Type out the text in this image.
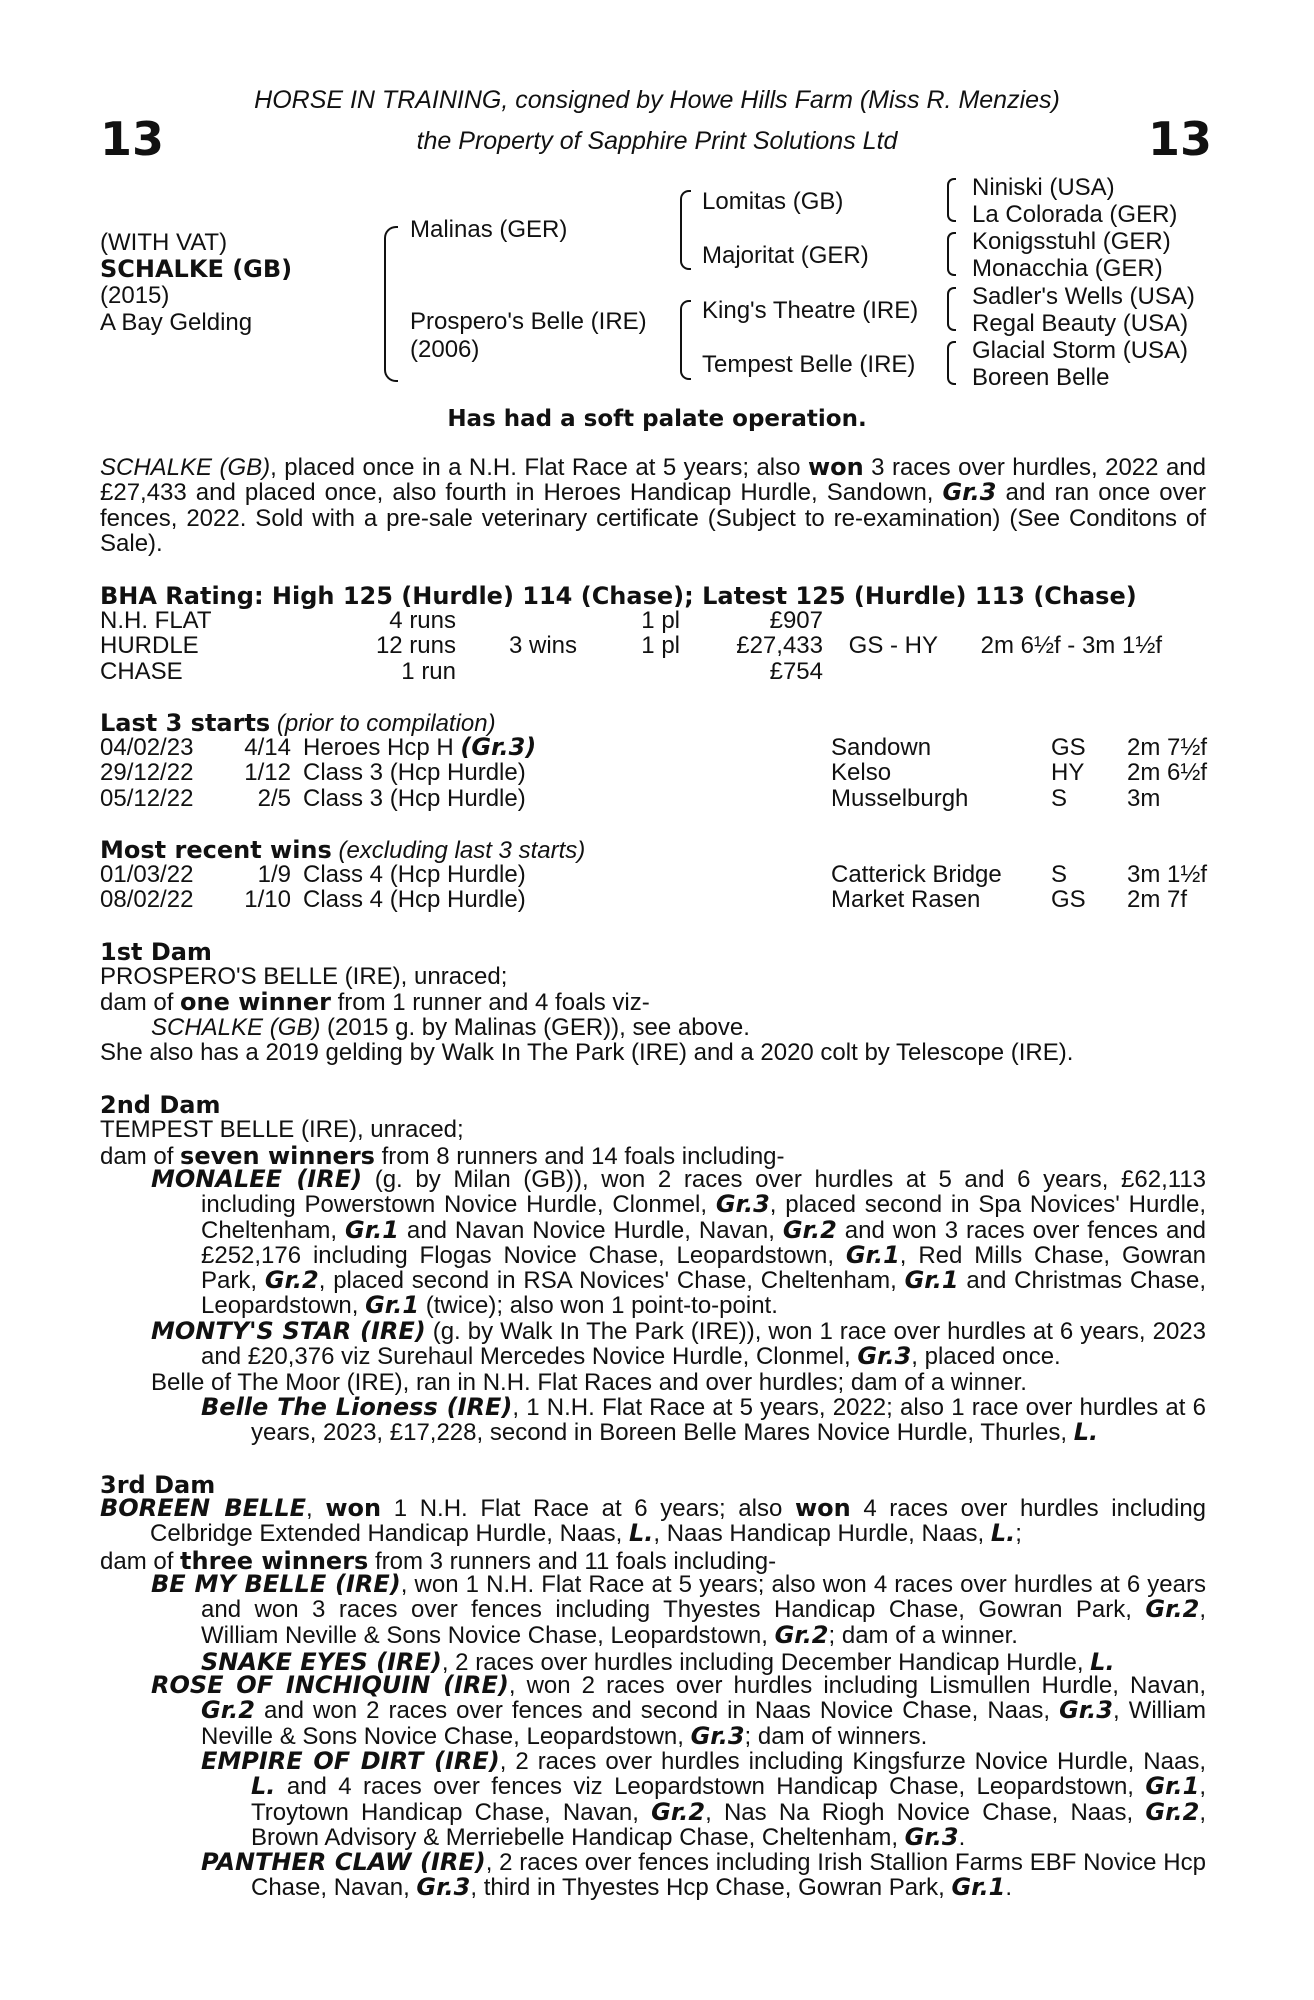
13	13
HORSE IN TRAINING, consigned by Howe Hills Farm (Miss R. Menzies)
the Property of Sapphire Print Solutions Ltd
(WITH VAT)
SCHALKE (GB)
(2015)
A Bay Gelding
Malinas (GER)
Prospero's Belle (IRE)
(2006)
Lomitas (GB)
Majoritat (GER)
King's Theatre (IRE)
Tempest Belle (IRE)
Niniski (USA)
La Colorada (GER)
Konigsstuhl (GER)
Monacchia (GER)
Sadler's Wells (USA)
Regal Beauty (USA)
Glacial Storm (USA)
Boreen Belle
Has had a soft palate operation.
SCHALKE (GB), placed once in a N.H. Flat Race at 5 years; also won 3 races over hurdles, 2022 and £27,433 and placed once, also fourth in Heroes Handicap Hurdle, Sandown, Gr.3 and ran once over fences, 2022. Sold with a pre-sale veterinary certificate (Subject to re-examination) (See Conditons of Sale).
BHA Rating: High 125 (Hurdle) 114 (Chase); Latest 125 (Hurdle) 113 (Chase)
N.H. FLAT	4 runs		1 pl	£907		
HURDLE	12 runs	3 wins	1 pl	£27,433	GS - HY	2m 6½f - 3m 1½f
CHASE	1 run			£754		
Last 3 starts (prior to compilation)
04/02/23	4/14	Heroes Hcp H (Gr.3)	Sandown	GS	2m 7½f
29/12/22	1/12	Class 3 (Hcp Hurdle)	Kelso	HY	2m 6½f
05/12/22	2/5	Class 3 (Hcp Hurdle)	Musselburgh	S	3m
Most recent wins (excluding last 3 starts)
01/03/22	1/9	Class 4 (Hcp Hurdle)	Catterick Bridge	S	3m 1½f
08/02/22	1/10	Class 4 (Hcp Hurdle)	Market Rasen	GS	2m 7f
1st Dam
PROSPERO'S BELLE (IRE), unraced;
dam of one winner from 1 runner and 4 foals viz-
SCHALKE (GB) (2015 g. by Malinas (GER)), see above.
She also has a 2019 gelding by Walk In The Park (IRE) and a 2020 colt by Telescope (IRE).
2nd Dam
TEMPEST BELLE (IRE), unraced;
dam of seven winners from 8 runners and 14 foals including-
MONALEE (IRE) (g. by Milan (GB)), won 2 races over hurdles at 5 and 6 years, £62,113 including Powerstown Novice Hurdle, Clonmel, Gr.3, placed second in Spa Novices' Hurdle, Cheltenham, Gr.1 and Navan Novice Hurdle, Navan, Gr.2 and won 3 races over fences and £252,176 including Flogas Novice Chase, Leopardstown, Gr.1, Red Mills Chase, Gowran Park, Gr.2, placed second in RSA Novices' Chase, Cheltenham, Gr.1 and Christmas Chase, Leopardstown, Gr.1 (twice); also won 1 point-to-point.
MONTY'S STAR (IRE) (g. by Walk In The Park (IRE)), won 1 race over hurdles at 6 years, 2023 and £20,376 viz Surehaul Mercedes Novice Hurdle, Clonmel, Gr.3, placed once.
Belle of The Moor (IRE), ran in N.H. Flat Races and over hurdles; dam of a winner.
Belle The Lioness (IRE), 1 N.H. Flat Race at 5 years, 2022; also 1 race over hurdles at 6 years, 2023, £17,228, second in Boreen Belle Mares Novice Hurdle, Thurles, L.
3rd Dam
BOREEN BELLE, won 1 N.H. Flat Race at 6 years; also won 4 races over hurdles including Celbridge Extended Handicap Hurdle, Naas, L., Naas Handicap Hurdle, Naas, L.;
dam of three winners from 3 runners and 11 foals including-
BE MY BELLE (IRE), won 1 N.H. Flat Race at 5 years; also won 4 races over hurdles at 6 years and won 3 races over fences including Thyestes Handicap Chase, Gowran Park, Gr.2, William Neville & Sons Novice Chase, Leopardstown, Gr.2; dam of a winner.
SNAKE EYES (IRE), 2 races over hurdles including December Handicap Hurdle, L.
ROSE OF INCHIQUIN (IRE), won 2 races over hurdles including Lismullen Hurdle, Navan, Gr.2 and won 2 races over fences and second in Naas Novice Chase, Naas, Gr.3, William Neville & Sons Novice Chase, Leopardstown, Gr.3; dam of winners.
EMPIRE OF DIRT (IRE), 2 races over hurdles including Kingsfurze Novice Hurdle, Naas, L. and 4 races over fences viz Leopardstown Handicap Chase, Leopardstown, Gr.1, Troytown Handicap Chase, Navan, Gr.2, Nas Na Riogh Novice Chase, Naas, Gr.2, Brown Advisory & Merriebelle Handicap Chase, Cheltenham, Gr.3.
PANTHER CLAW (IRE), 2 races over fences including Irish Stallion Farms EBF Novice Hcp Chase, Navan, Gr.3, third in Thyestes Hcp Chase, Gowran Park, Gr.1.
